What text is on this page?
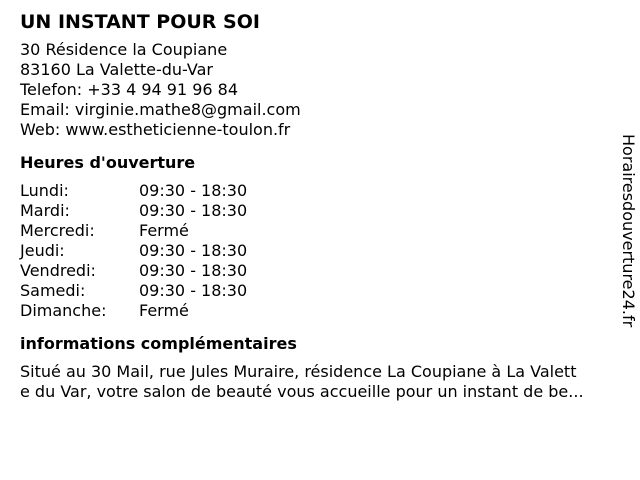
UN INSTANT POUR SOI
30 Résidence la Coupiane
83160 La Valette-du-Var
Telefon: +33 4 94 91 96 84
Email: virginie.mathe8@gmail.com
Web: www.estheticienne-toulon.fr
Heures d'ouverture
Lundi:	09:30 - 18:30
Mardi:	09:30 - 18:30
Mercredi:	Fermé
Jeudi:	09:30 - 18:30
Vendredi:	09:30 - 18:30
Samedi:	09:30 - 18:30
Dimanche: Fermé
informations complémentaires
Situé au 30 Mail, rue Jules Muraire, résidence La Coupiane à La Valett
e du Var, votre salon de beauté vous accueille pour un instant de be...
Horairesdouverture24.fr
